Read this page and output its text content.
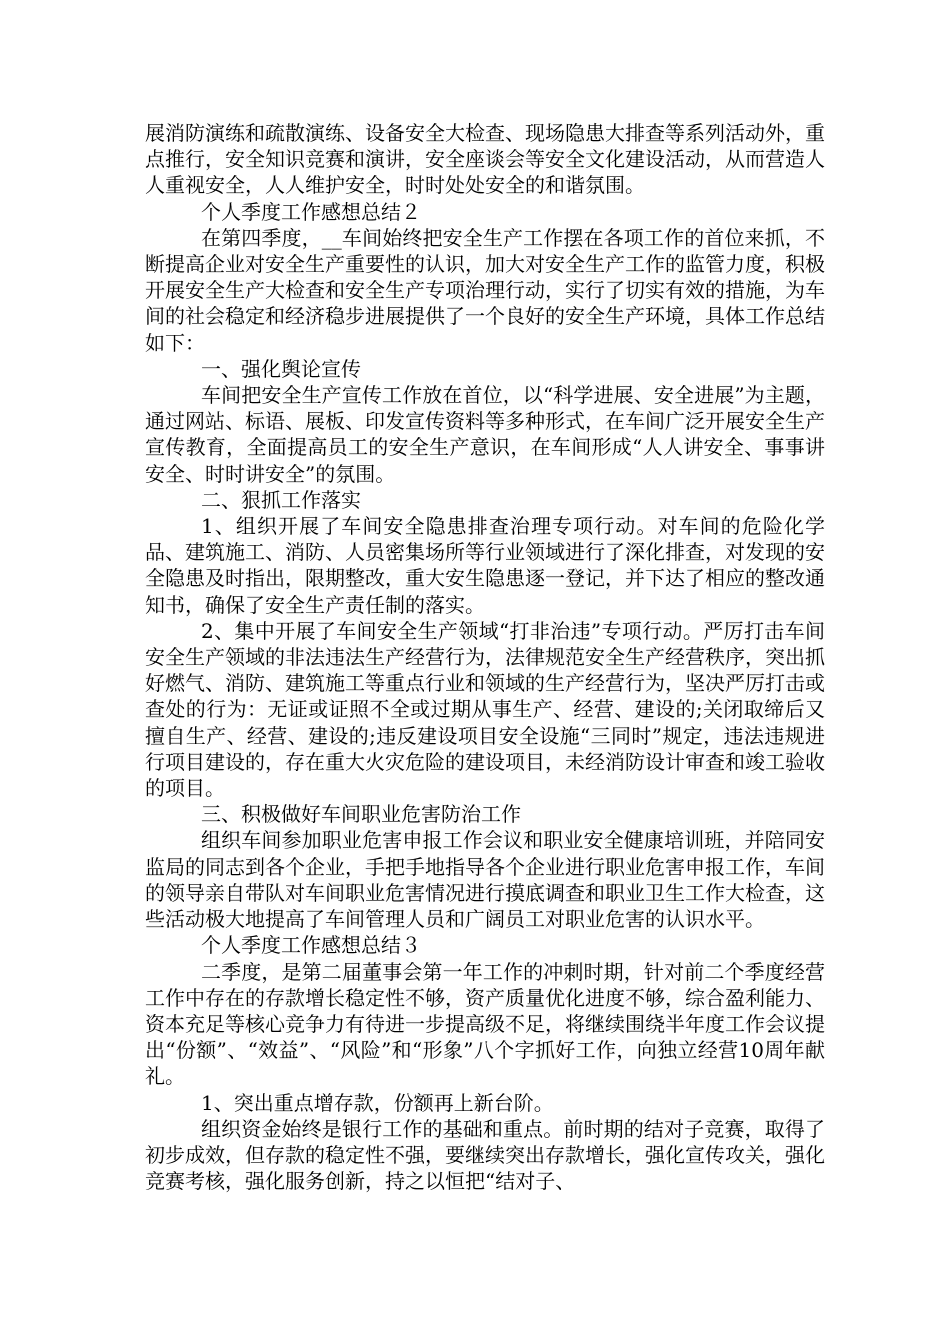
展消防演练和疏散演练、设备安全大检查、现场隐患大排查等系列活动外，重点推行，安全知识竞赛和演讲，安全座谈会等安全文化建设活动，从而营造人人重视安全，人人维护安全，时时处处安全的和谐氛围。

个人季度工作感想总结２

在第四季度，__车间始终把安全生产工作摆在各项工作的首位来抓，不断提高企业对安全生产重要性的认识，加大对安全生产工作的监管力度，积极开展安全生产大检查和安全生产专项治理行动，实行了切实有效的措施，为车间的社会稳定和经济稳步进展提供了一个良好的安全生产环境，具体工作总结如下：

一、强化舆论宣传

车间把安全生产宣传工作放在首位，以“科学进展、安全进展”为主题，通过网站、标语、展板、印发宣传资料等多种形式，在车间广泛开展安全生产宣传教育，全面提高员工的安全生产意识，在车间形成“人人讲安全、事事讲安全、时时讲安全”的氛围。

二、狠抓工作落实

1、组织开展了车间安全隐患排查治理专项行动。对车间的危险化学品、建筑施工、消防、人员密集场所等行业领域进行了深化排查，对发现的安全隐患及时指出，限期整改，重大安生隐患逐一登记，并下达了相应的整改通知书，确保了安全生产责任制的落实。

2、集中开展了车间安全生产领域“打非治违”专项行动。严厉打击车间安全生产领域的非法违法生产经营行为，法律规范安全生产经营秩序，突出抓好燃气、消防、建筑施工等重点行业和领域的生产经营行为，坚决严厉打击或查处的行为：无证或证照不全或过期从事生产、经营、建设的;关闭取缔后又擅自生产、经营、建设的;违反建设项目安全设施“三同时”规定，违法违规进行项目建设的，存在重大火灾危险的建设项目，未经消防设计审查和竣工验收的项目。

三、积极做好车间职业危害防治工作

组织车间参加职业危害申报工作会议和职业安全健康培训班，并陪同安监局的同志到各个企业，手把手地指导各个企业进行职业危害申报工作，车间的领导亲自带队对车间职业危害情况进行摸底调查和职业卫生工作大检查，这些活动极大地提高了车间管理人员和广阔员工对职业危害的认识水平。

个人季度工作感想总结３

二季度，是第二届董事会第一年工作的冲刺时期，针对前二个季度经营工作中存在的存款增长稳定性不够，资产质量优化进度不够，综合盈利能力、资本充足等核心竞争力有待进一步提高级不足，将继续围绕半年度工作会议提出“份额”、“效益”、“风险”和“形象”八个字抓好工作，向独立经营10周年献礼。

1、突出重点增存款，份额再上新台阶。

组织资金始终是银行工作的基础和重点。前时期的结对子竞赛，取得了初步成效，但存款的稳定性不强，要继续突出存款增长，强化宣传攻关，强化竞赛考核，强化服务创新，持之以恒把“结对子、
